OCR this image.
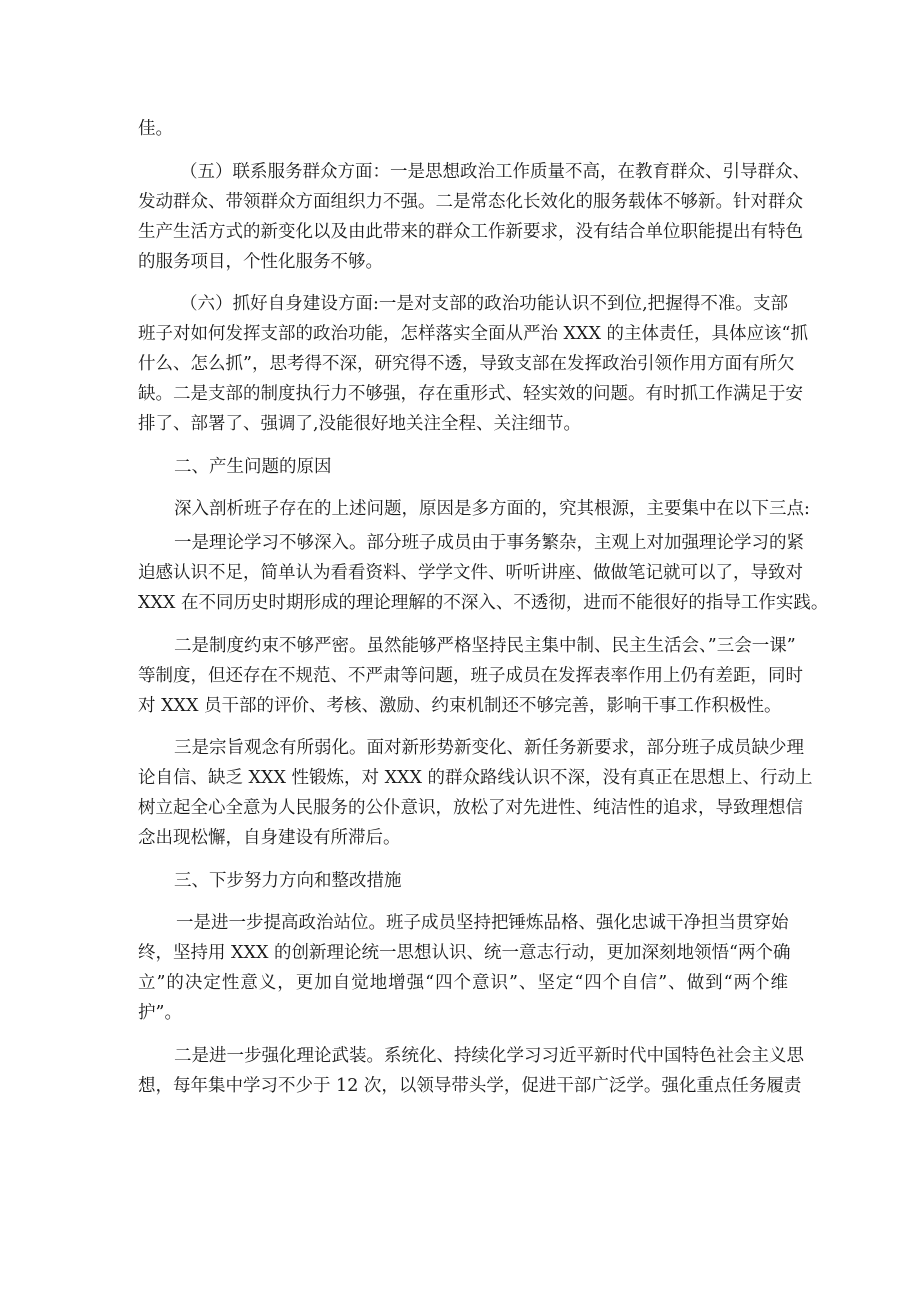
佳。
（五）联系服务群众方面：一是思想政治工作质量不高，在教育群众、引导群众、
发动群众、带领群众方面组织力不强。二是常态化长效化的服务载体不够新。针对群众
生产生活方式的新变化以及由此带来的群众工作新要求，没有结合单位职能提出有特色
的服务项目，个性化服务不够。
（六）抓好自身建设方面:一是对支部的政治功能认识不到位,把握得不准。支部
班子对如何发挥支部的政治功能，怎样落实全面从严治 XXX 的主体责任，具体应该“抓
什么、怎么抓”，思考得不深，研究得不透，导致支部在发挥政治引领作用方面有所欠
缺。二是支部的制度执行力不够强，存在重形式、轻实效的问题。有时抓工作满足于安
排了、部署了、强调了,没能很好地关注全程、关注细节。
二、产生问题的原因
深入剖析班子存在的上述问题，原因是多方面的，究其根源，主要集中在以下三点:
一是理论学习不够深入。部分班子成员由于事务繁杂，主观上对加强理论学习的紧
迫感认识不足，简单认为看看资料、学学文件、听听讲座、做做笔记就可以了，导致对
XXX 在不同历史时期形成的理论理解的不深入、不透彻，进而不能很好的指导工作实践。
二是制度约束不够严密。虽然能够严格坚持民主集中制、民主生活会、”三会一课”
等制度，但还存在不规范、不严肃等问题，班子成员在发挥表率作用上仍有差距，同时
对 XXX 员干部的评价、考核、激励、约束机制还不够完善，影响干事工作积极性。
三是宗旨观念有所弱化。面对新形势新变化、新任务新要求，部分班子成员缺少理
论自信、缺乏 XXX 性锻炼，对 XXX 的群众路线认识不深，没有真正在思想上、行动上
树立起全心全意为人民服务的公仆意识，放松了对先进性、纯洁性的追求，导致理想信
念出现松懈，自身建设有所滞后。
三、下步努力方向和整改措施
一是进一步提高政治站位。班子成员坚持把锤炼品格、强化忠诚干净担当贯穿始
终，坚持用 XXX 的创新理论统一思想认识、统一意志行动，更加深刻地领悟“两个确
立”的决定性意义，更加自觉地增强“四个意识”、坚定“四个自信”、做到“两个维
护”。
二是进一步强化理论武装。系统化、持续化学习习近平新时代中国特色社会主义思
想，每年集中学习不少于 12 次，以领导带头学，促进干部广泛学。强化重点任务履责
